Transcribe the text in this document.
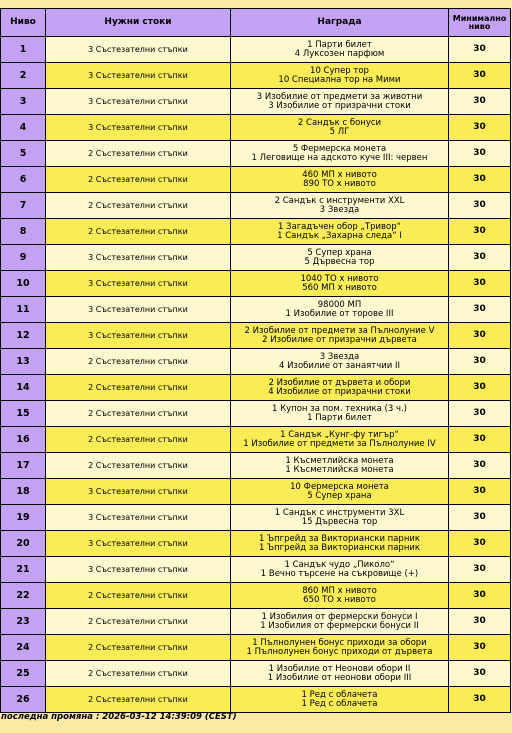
Ниво	Нужни стоки	Награда	Минимално
ниво
1	3 Състезателни стъпки	1 Парти билет
4 Луксозен парфюм	30
2	3 Състезателни стъпки	10 Супер тор
10 Специална тор на Мими	30
3	3 Състезателни стъпки	3 Изобилие от предмети за животни
3 Изобилие от призрачни стоки	30
4	3 Състезателни стъпки	2 Сандък с бонуси
5 ЛГ	30
5	2 Състезателни стъпки	5 Фермерска монета
1 Леговище на адското куче III: червен	30
6	2 Състезателни стъпки	460 МП х нивото
890 ТО х нивото	30
7	2 Състезателни стъпки	2 Сандък с инструменти XXL
3 Звезда	30
8	2 Състезателни стъпки	1 Загадъчен обор „Тривор“
1 Сандък „Захарна следа“ I	30
9	3 Състезателни стъпки	5 Супер храна
5 Дървесна тор	30
10	3 Състезателни стъпки	1040 ТО х нивото
560 МП х нивото	30
11	3 Състезателни стъпки	98000 МП
1 Изобилие от торове III	30
12	3 Състезателни стъпки	2 Изобилие от предмети за Пълнолуние V
2 Изобилие от призрачни дървета	30
13	2 Състезателни стъпки	3 Звезда
4 Изобилие от занаятчии II	30
14	2 Състезателни стъпки	2 Изобилие от дървета и обори
4 Изобилие от призрачни стоки	30
15	2 Състезателни стъпки	1 Купон за пом. техника (3 ч.)
1 Парти билет	30
16	2 Състезателни стъпки	1 Сандък „Кунг-фу тигър“
1 Изобилие от предмети за Пълнолуние IV	30
17	2 Състезателни стъпки	1 Късметлийска монета
1 Късметлийска монета	30
18	3 Състезателни стъпки	10 Фермерска монета
5 Супер храна	30
19	3 Състезателни стъпки	1 Сандък с инструменти 3XL
15 Дървесна тор	30
20	3 Състезателни стъпки	1 Ъпгрейд за Викториански парник
1 Ъпгрейд за Викториански парник	30
21	3 Състезателни стъпки	1 Сандък чудо „Пиколо“
1 Вечно търсене на съкровище (+)	30
22	2 Състезателни стъпки	860 МП х нивото
650 ТО х нивото	30
23	2 Състезателни стъпки	1 Изобилия от фермерски бонуси I
1 Изобилия от фермерски бонуси II	30
24	2 Състезателни стъпки	1 Пълнолунен бонус приходи за обори
1 Пълнолунен бонус приходи от дървета	30
25	2 Състезателни стъпки	1 Изобилие от Неонови обори II
1 Изобилие от неонови обори III	30
26	2 Състезателни стъпки	1 Ред с облачета
1 Ред с облачета	30
последна промяна : 2026-03-12 14:39:09 (CEST)
